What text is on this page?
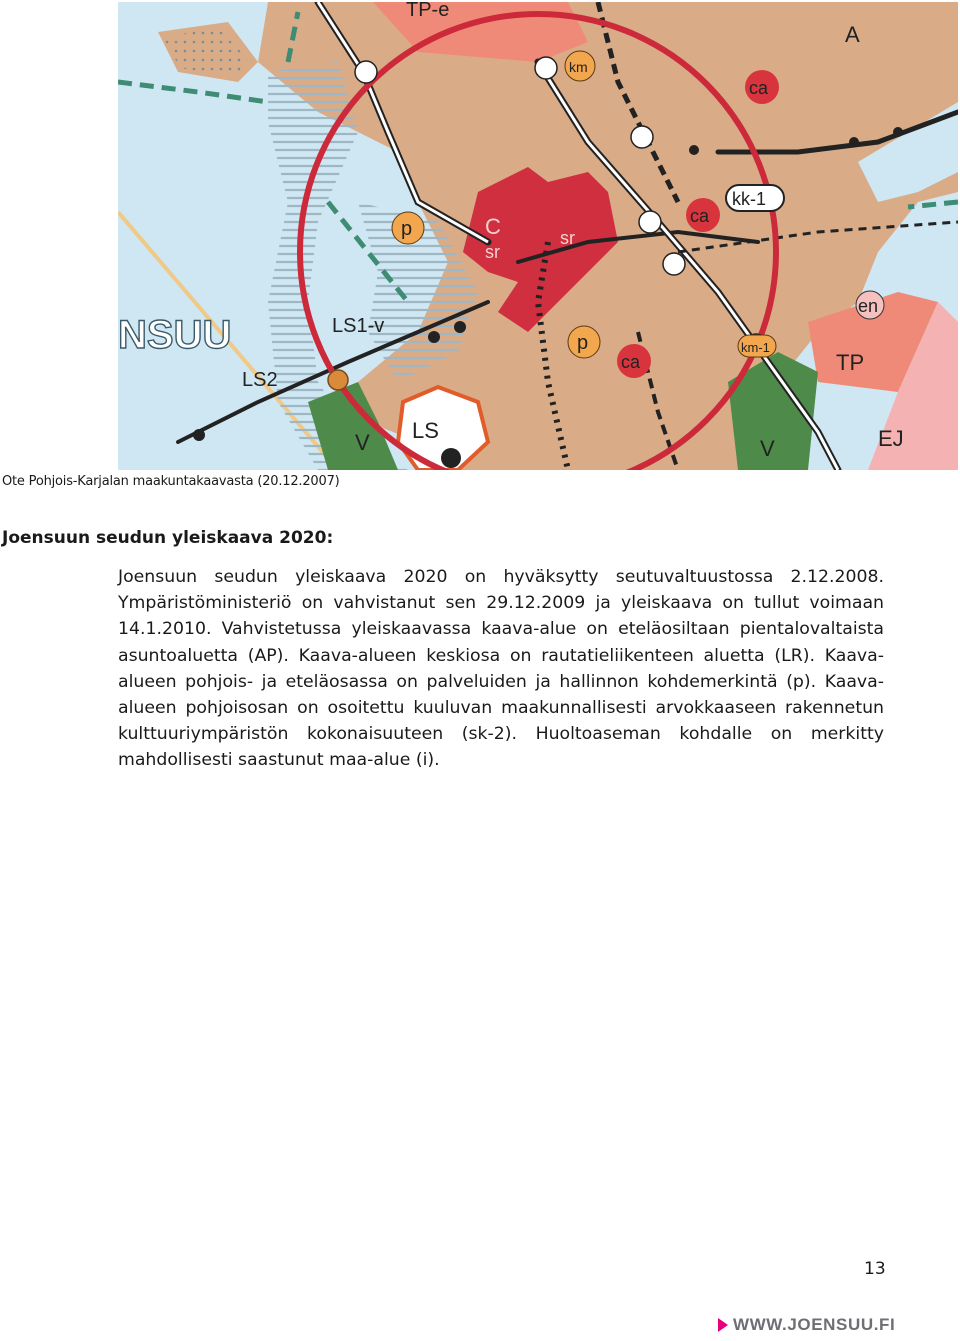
TP-e
A
km
ca
kk-1
ca
C
sr
sr
p
p
ca
en
km-1
TP
EJ
V
V LS
LS1-v
LS2
NSUU
Ote Pohjois-Karjalan maakuntakaavasta (20.12.2007)
Joensuun seudun yleiskaava 2020:

Joensuun seudun yleiskaava 2020 on hyväksytty seutuvaltuustossa 2.12.2008. Ympäristöministeriö on vahvistanut sen 29.12.2009 ja yleiskaava on tullut voimaan 14.1.2010. Vahvistetussa yleiskaavassa kaava-alue on eteläosiltaan pientalovaltaista asuntoaluetta (AP). Kaava-alueen keskiosa on rautatieliikenteen aluetta (LR). Kaava-alueen pohjois- ja eteläosassa on palveluiden ja hallinnon kohdemerkintä (p). Kaava-alueen pohjoisosan on osoitettu kuuluvan maakunnallisesti arvokkaaseen rakennetun kulttuuriympäristön kokonaisuuteen (sk-2). Huoltoaseman kohdalle on merkitty mahdollisesti saastunut maa-alue (i).

13
WWW.JOENSUU.FI
